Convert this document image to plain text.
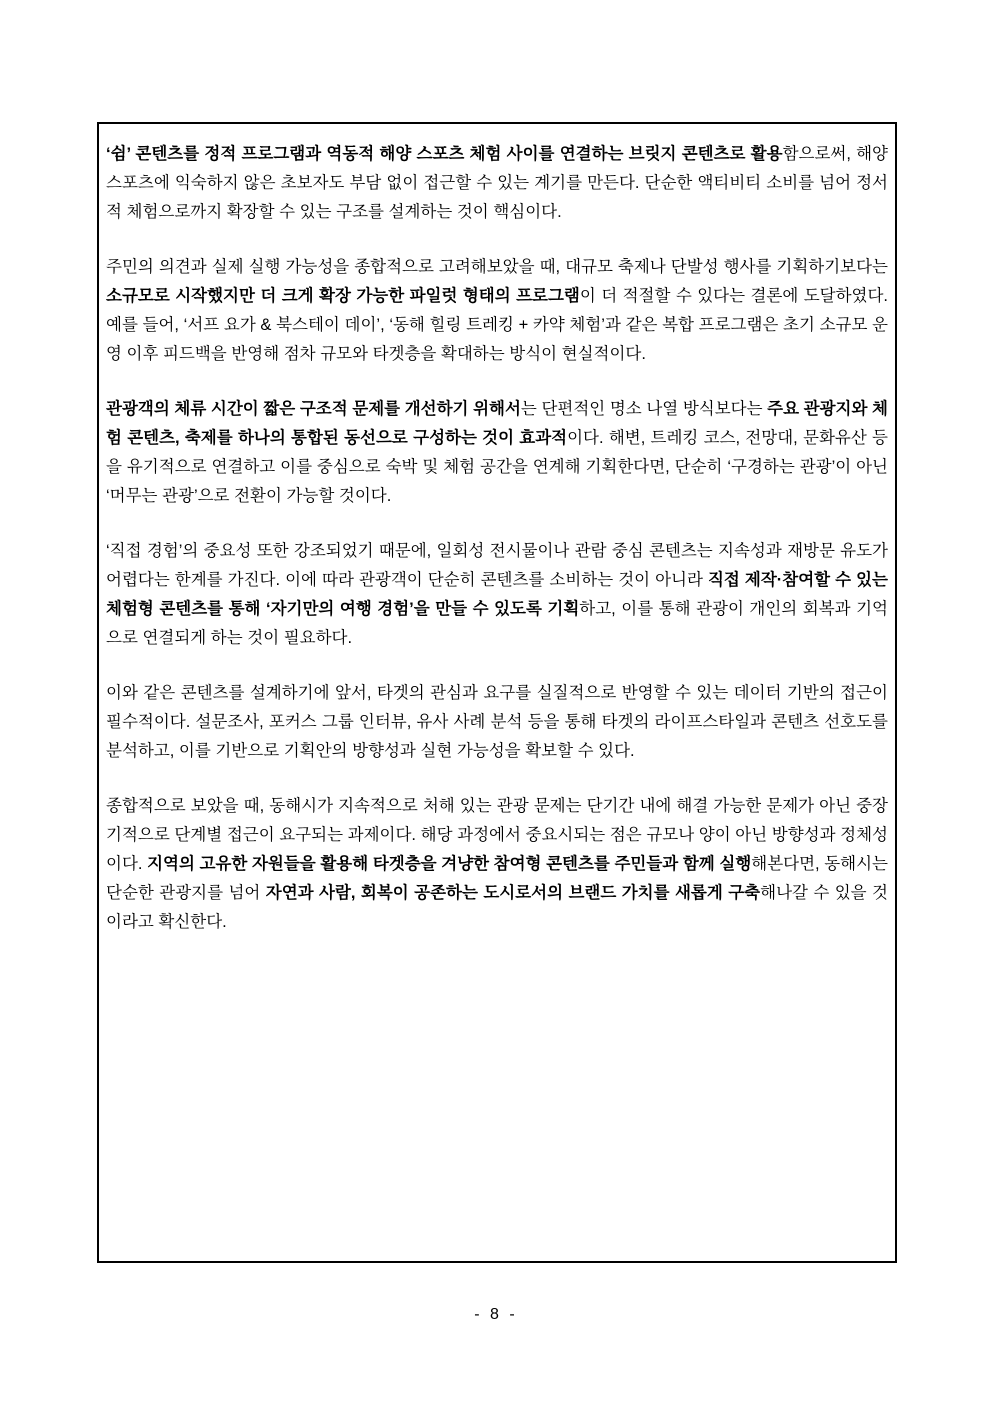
‘쉼’ 콘텐츠를 정적 프로그램과 역동적 해양 스포츠 체험 사이를 연결하는 브릿지 콘텐츠로 활용함으로써, 해양 스포츠에 익숙하지 않은 초보자도 부담 없이 접근할 수 있는 계기를 만든다. 단순한 액티비티 소비를 넘어 정서적 체험으로까지 확장할 수 있는 구조를 설계하는 것이 핵심이다.

주민의 의견과 실제 실행 가능성을 종합적으로 고려해보았을 때, 대규모 축제나 단발성 행사를 기획하기보다는 소규모로 시작했지만 더 크게 확장 가능한 파일럿 형태의 프로그램이 더 적절할 수 있다는 결론에 도달하였다. 예를 들어, ‘서프 요가 & 북스테이 데이’, ‘동해 힐링 트레킹 + 카약 체험’과 같은 복합 프로그램은 초기 소규모 운영 이후 피드백을 반영해 점차 규모와 타겟층을 확대하는 방식이 현실적이다.

관광객의 체류 시간이 짧은 구조적 문제를 개선하기 위해서는 단편적인 명소 나열 방식보다는 주요 관광지와 체험 콘텐츠, 축제를 하나의 통합된 동선으로 구성하는 것이 효과적이다. 해변, 트레킹 코스, 전망대, 문화유산 등을 유기적으로 연결하고 이를 중심으로 숙박 및 체험 공간을 연계해 기획한다면, 단순히 ‘구경하는 관광’이 아닌 ‘머무는 관광’으로 전환이 가능할 것이다.

‘직접 경험’의 중요성 또한 강조되었기 때문에, 일회성 전시물이나 관람 중심 콘텐츠는 지속성과 재방문 유도가 어렵다는 한계를 가진다. 이에 따라 관광객이 단순히 콘텐츠를 소비하는 것이 아니라 직접 제작·참여할 수 있는 체험형 콘텐츠를 통해 ‘자기만의 여행 경험’을 만들 수 있도록 기획하고, 이를 통해 관광이 개인의 회복과 기억으로 연결되게 하는 것이 필요하다.

이와 같은 콘텐츠를 설계하기에 앞서, 타겟의 관심과 요구를 실질적으로 반영할 수 있는 데이터 기반의 접근이 필수적이다. 설문조사, 포커스 그룹 인터뷰, 유사 사례 분석 등을 통해 타겟의 라이프스타일과 콘텐츠 선호도를 분석하고, 이를 기반으로 기획안의 방향성과 실현 가능성을 확보할 수 있다.

종합적으로 보았을 때, 동해시가 지속적으로 처해 있는 관광 문제는 단기간 내에 해결 가능한 문제가 아닌 중장기적으로 단계별 접근이 요구되는 과제이다. 해당 과정에서 중요시되는 점은 규모나 양이 아닌 방향성과 정체성이다. 지역의 고유한 자원들을 활용해 타겟층을 겨냥한 참여형 콘텐츠를 주민들과 함께 실행해본다면, 동해시는 단순한 관광지를 넘어 자연과 사람, 회복이 공존하는 도시로서의 브랜드 가치를 새롭게 구축해나갈 수 있을 것이라고 확신한다.

- 8 -
